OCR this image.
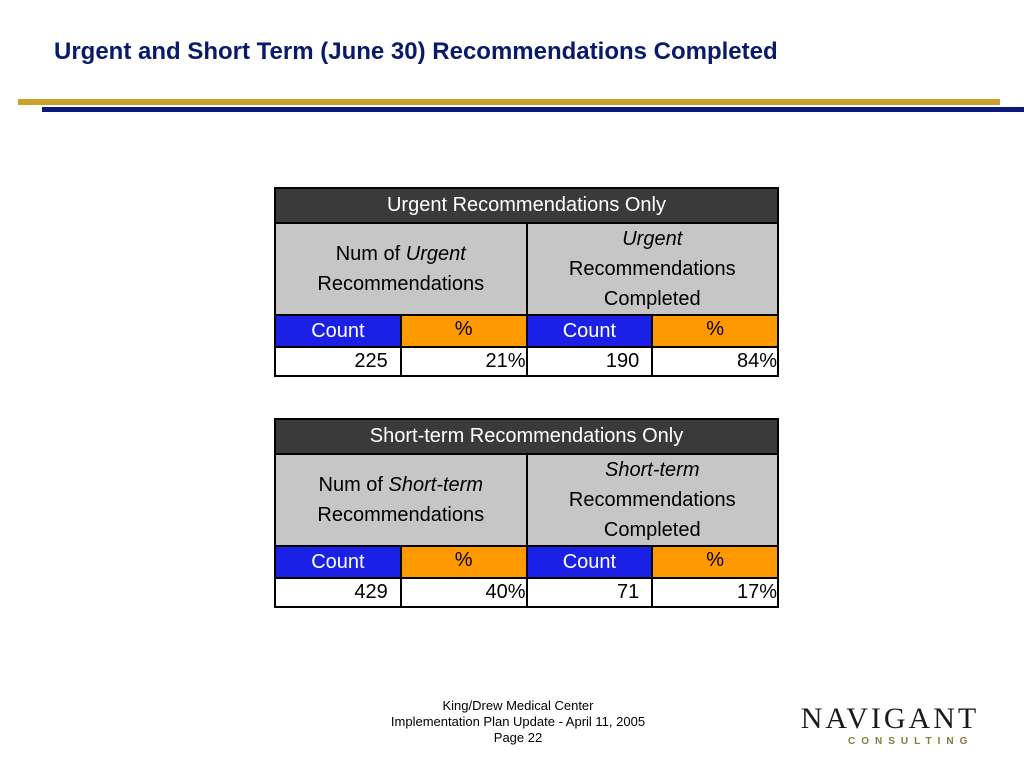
Urgent and Short Term (June 30) Recommendations Completed
Urgent Recommendations Only			
Num of Urgent
Recommendations		Urgent
Recommendations
Completed	
Count	%	Count	%
225	21%	190	84%
Short-term Recommendations Only			
Num of Short-term
Recommendations		Short-term
Recommendations
Completed	
Count	%	Count	%
429	40%	71	17%
King/Drew Medical Center
Implementation Plan Update - April 11, 2005
Page 22
NAVIGANT
CONSULTING
